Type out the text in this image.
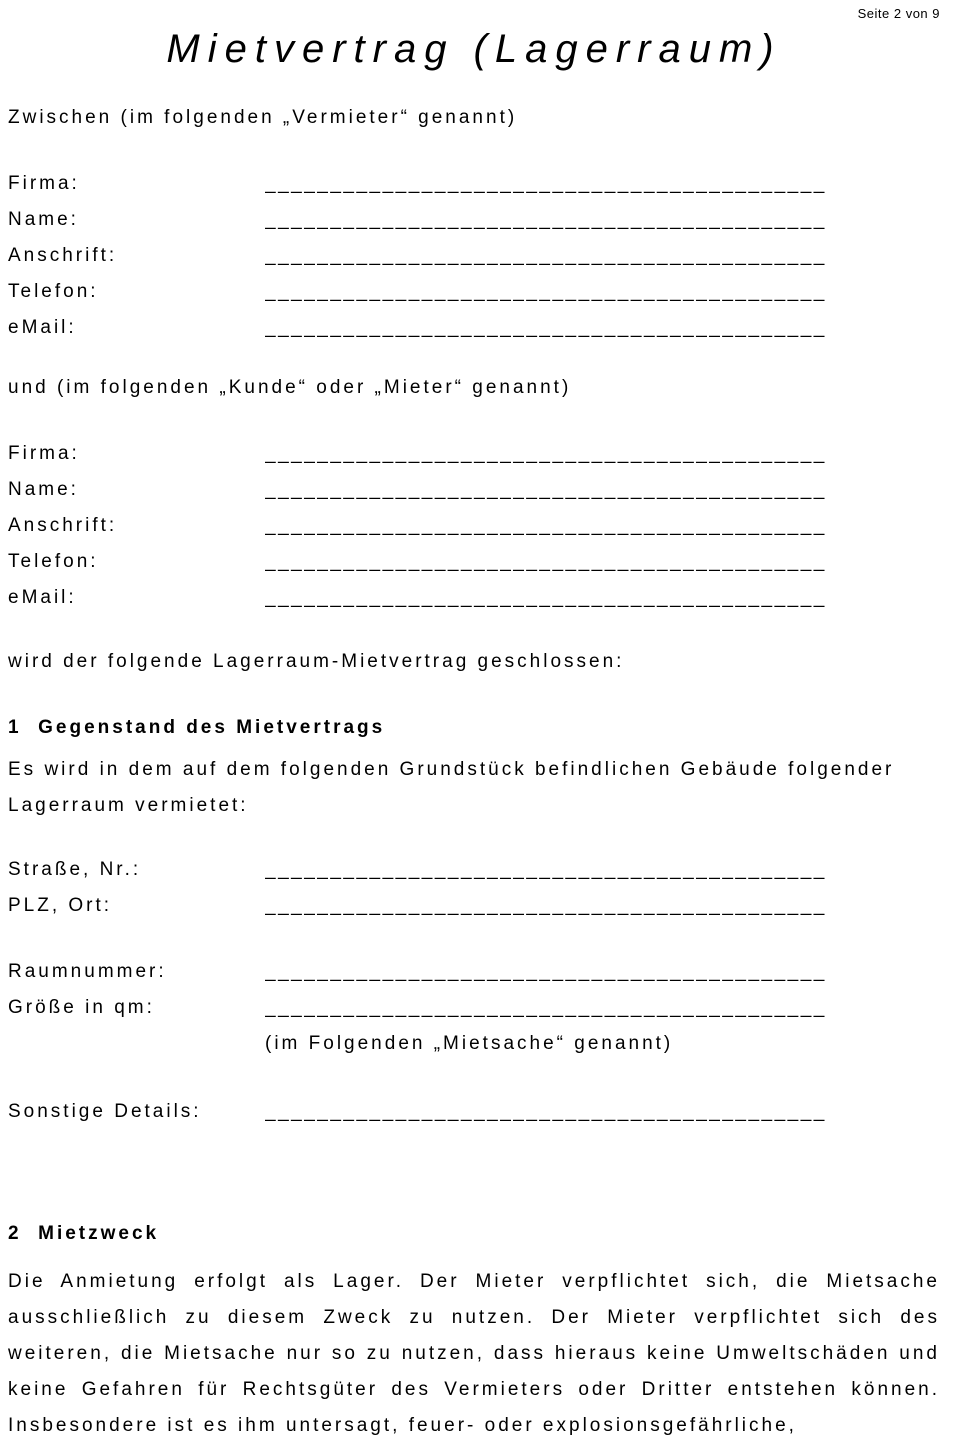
Seite 2 von 9
Mietvertrag (Lagerraum)
Zwischen (im folgenden „Vermieter“ genannt)
Firma:	___________________________________________
Name:	___________________________________________
Anschrift:	___________________________________________
Telefon:	___________________________________________
eMail:	___________________________________________
und (im folgenden „Kunde“ oder „Mieter“ genannt)
Firma:	___________________________________________
Name:	___________________________________________
Anschrift:	___________________________________________
Telefon:	___________________________________________
eMail:	___________________________________________
wird der folgende Lagerraum-Mietvertrag geschlossen:
1  Gegenstand des Mietvertrags
Es wird in dem auf dem folgenden Grundstück befindlichen Gebäude folgender Lagerraum vermietet:
Straße, Nr.:	___________________________________________
PLZ, Ort:	___________________________________________
Raumnummer:	___________________________________________
Größe in qm:	___________________________________________
(im Folgenden „Mietsache“ genannt)
Sonstige Details:	___________________________________________
2  Mietzweck
Die Anmietung erfolgt als Lager. Der Mieter verpflichtet sich, die Mietsache ausschließlich zu diesem Zweck zu nutzen. Der Mieter verpflichtet sich des weiteren, die Mietsache nur so zu nutzen, dass hieraus keine Umweltschäden und keine Gefahren für Rechtsgüter des Vermieters oder Dritter entstehen können. Insbesondere ist es ihm untersagt, feuer- oder explosionsgefährliche,
